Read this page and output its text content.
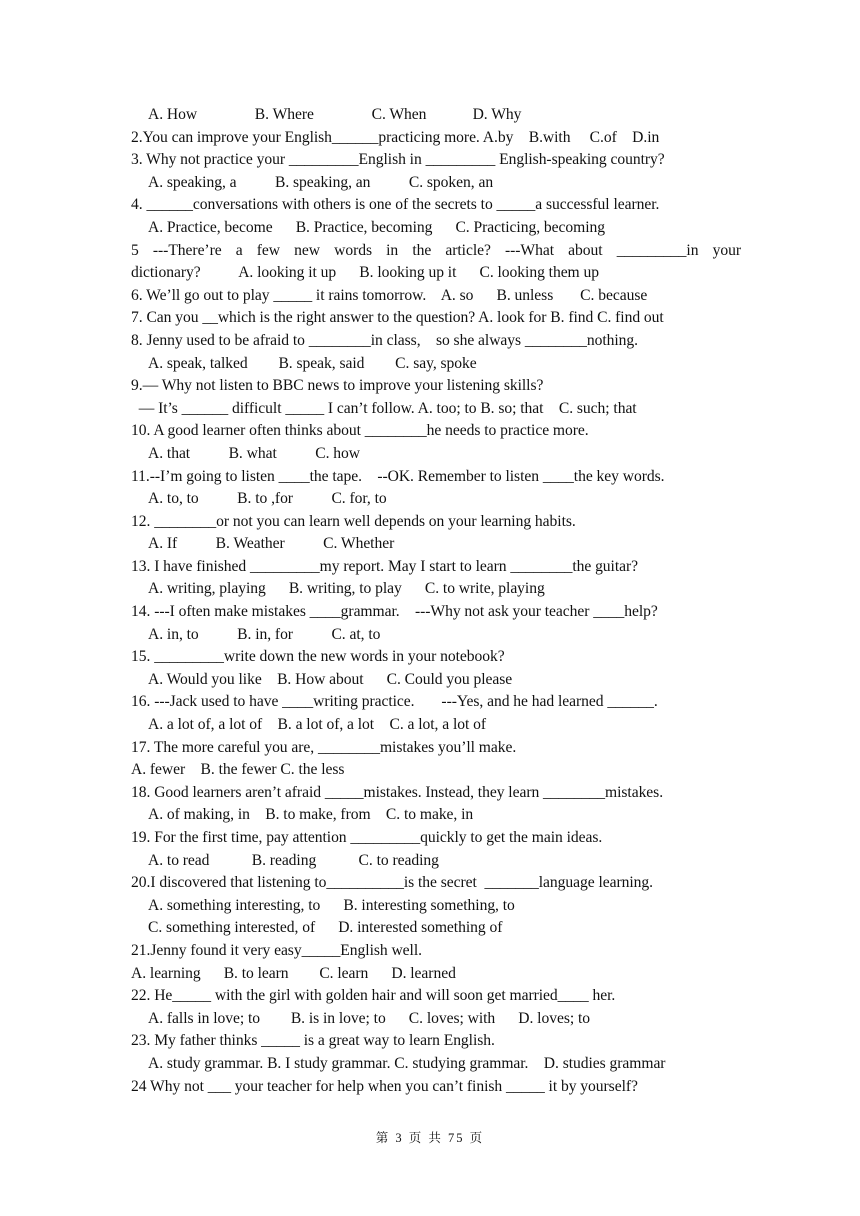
A. How               B. Where               C. When            D. Why
2.You can improve your English______practicing more. A.by    B.with     C.of    D.in
3. Why not practice your _________English in _________ English-speaking country?
A. speaking, a          B. speaking, an          C. spoken, an
4. ______conversations with others is one of the secrets to _____a successful learner.
A. Practice, become      B. Practice, becoming      C. Practicing, becoming
5 ---There’re a few new words in the article? ---What about _________in your
dictionary?          A. looking it up      B. looking up it      C. looking them up
6. We’ll go out to play _____ it rains tomorrow.    A. so      B. unless       C. because
7. Can you __which is the right answer to the question? A. look for B. find C. find out
8. Jenny used to be afraid to ________in class,    so she always ________nothing.
A. speak, talked        B. speak, said        C. say, spoke
9.— Why not listen to BBC news to improve your listening skills?
— It’s ______ difficult _____ I can’t follow. A. too; to B. so; that    C. such; that
10. A good learner often thinks about ________he needs to practice more.
A. that          B. what          C. how
11.--I’m going to listen ____the tape.    --OK. Remember to listen ____the key words.
A. to, to          B. to ,for          C. for, to
12. ________or not you can learn well depends on your learning habits.
A. If          B. Weather          C. Whether
13. I have finished _________my report. May I start to learn ________the guitar?
A. writing, playing      B. writing, to play      C. to write, playing
14. ---I often make mistakes ____grammar.    ---Why not ask your teacher ____help?
A. in, to          B. in, for          C. at, to
15. _________write down the new words in your notebook?
A. Would you like    B. How about      C. Could you please
16. ---Jack used to have ____writing practice.       ---Yes, and he had learned ______.
A. a lot of, a lot of    B. a lot of, a lot    C. a lot, a lot of
17. The more careful you are, ________mistakes you’ll make.
A. fewer    B. the fewer C. the less
18. Good learners aren’t afraid _____mistakes. Instead, they learn ________mistakes.
A. of making, in    B. to make, from    C. to make, in
19. For the first time, pay attention _________quickly to get the main ideas.
A. to read           B. reading           C. to reading
20.I discovered that listening to__________is the secret  _______language learning.
A. something interesting, to      B. interesting something, to
C. something interested, of      D. interested something of
21.Jenny found it very easy_____English well.
A. learning      B. to learn        C. learn      D. learned
22. He_____ with the girl with golden hair and will soon get married____ her.
A. falls in love; to        B. is in love; to      C. loves; with      D. loves; to
23. My father thinks _____ is a great way to learn English.
A. study grammar. B. I study grammar. C. studying grammar.    D. studies grammar
24 Why not ___ your teacher for help when you can’t finish _____ it by yourself?
第 3 页 共 75 页
